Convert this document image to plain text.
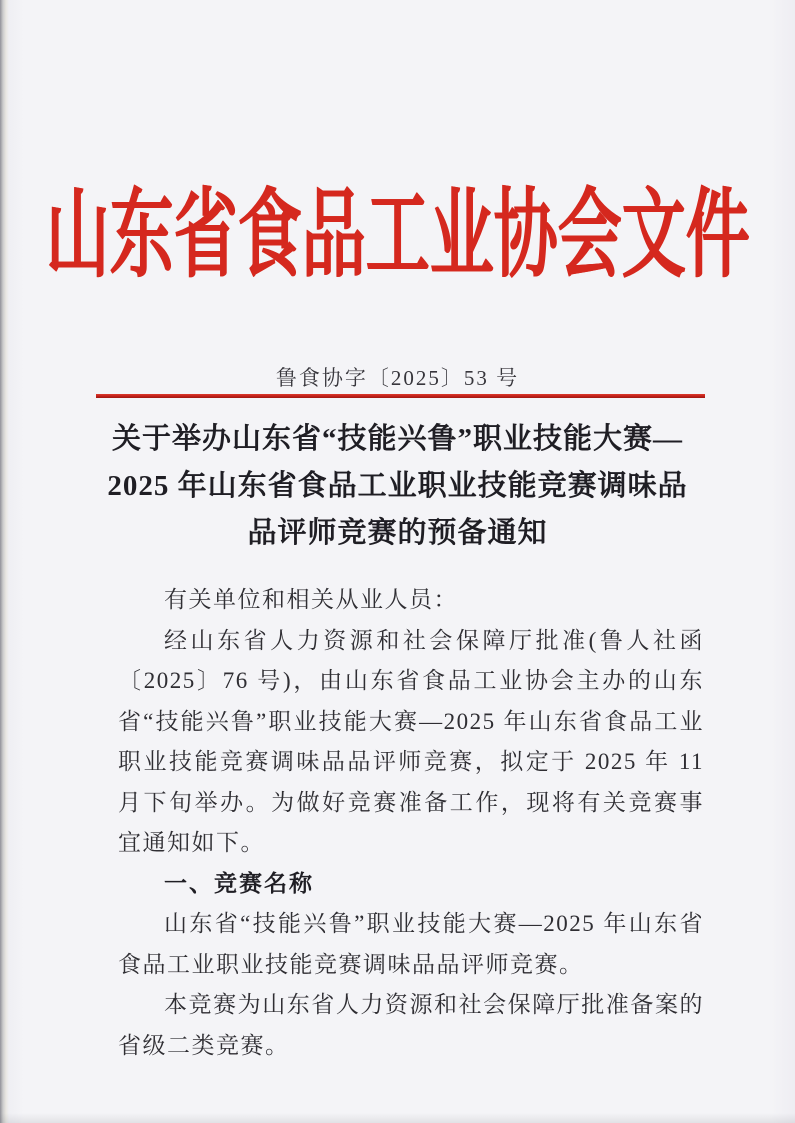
山东省食品工业协会文件
鲁食协字〔2025〕53 号
关于举办山东省“技能兴鲁”职业技能大赛—
2025 年山东省食品工业职业技能竞赛调味品
品评师竞赛的预备通知

有关单位和相关从业人员：

经山东省人力资源和社会保障厅批准(鲁人社函〔2025〕76 号)，由山东省食品工业协会主办的山东省“技能兴鲁”职业技能大赛—2025 年山东省食品工业职业技能竞赛调味品品评师竞赛，拟定于 2025 年 11 月下旬举办。为做好竞赛准备工作，现将有关竞赛事宜通知如下。

一、竞赛名称

山东省“技能兴鲁”职业技能大赛—2025 年山东省食品工业职业技能竞赛调味品品评师竞赛。

本竞赛为山东省人力资源和社会保障厅批准备案的省级二类竞赛。
